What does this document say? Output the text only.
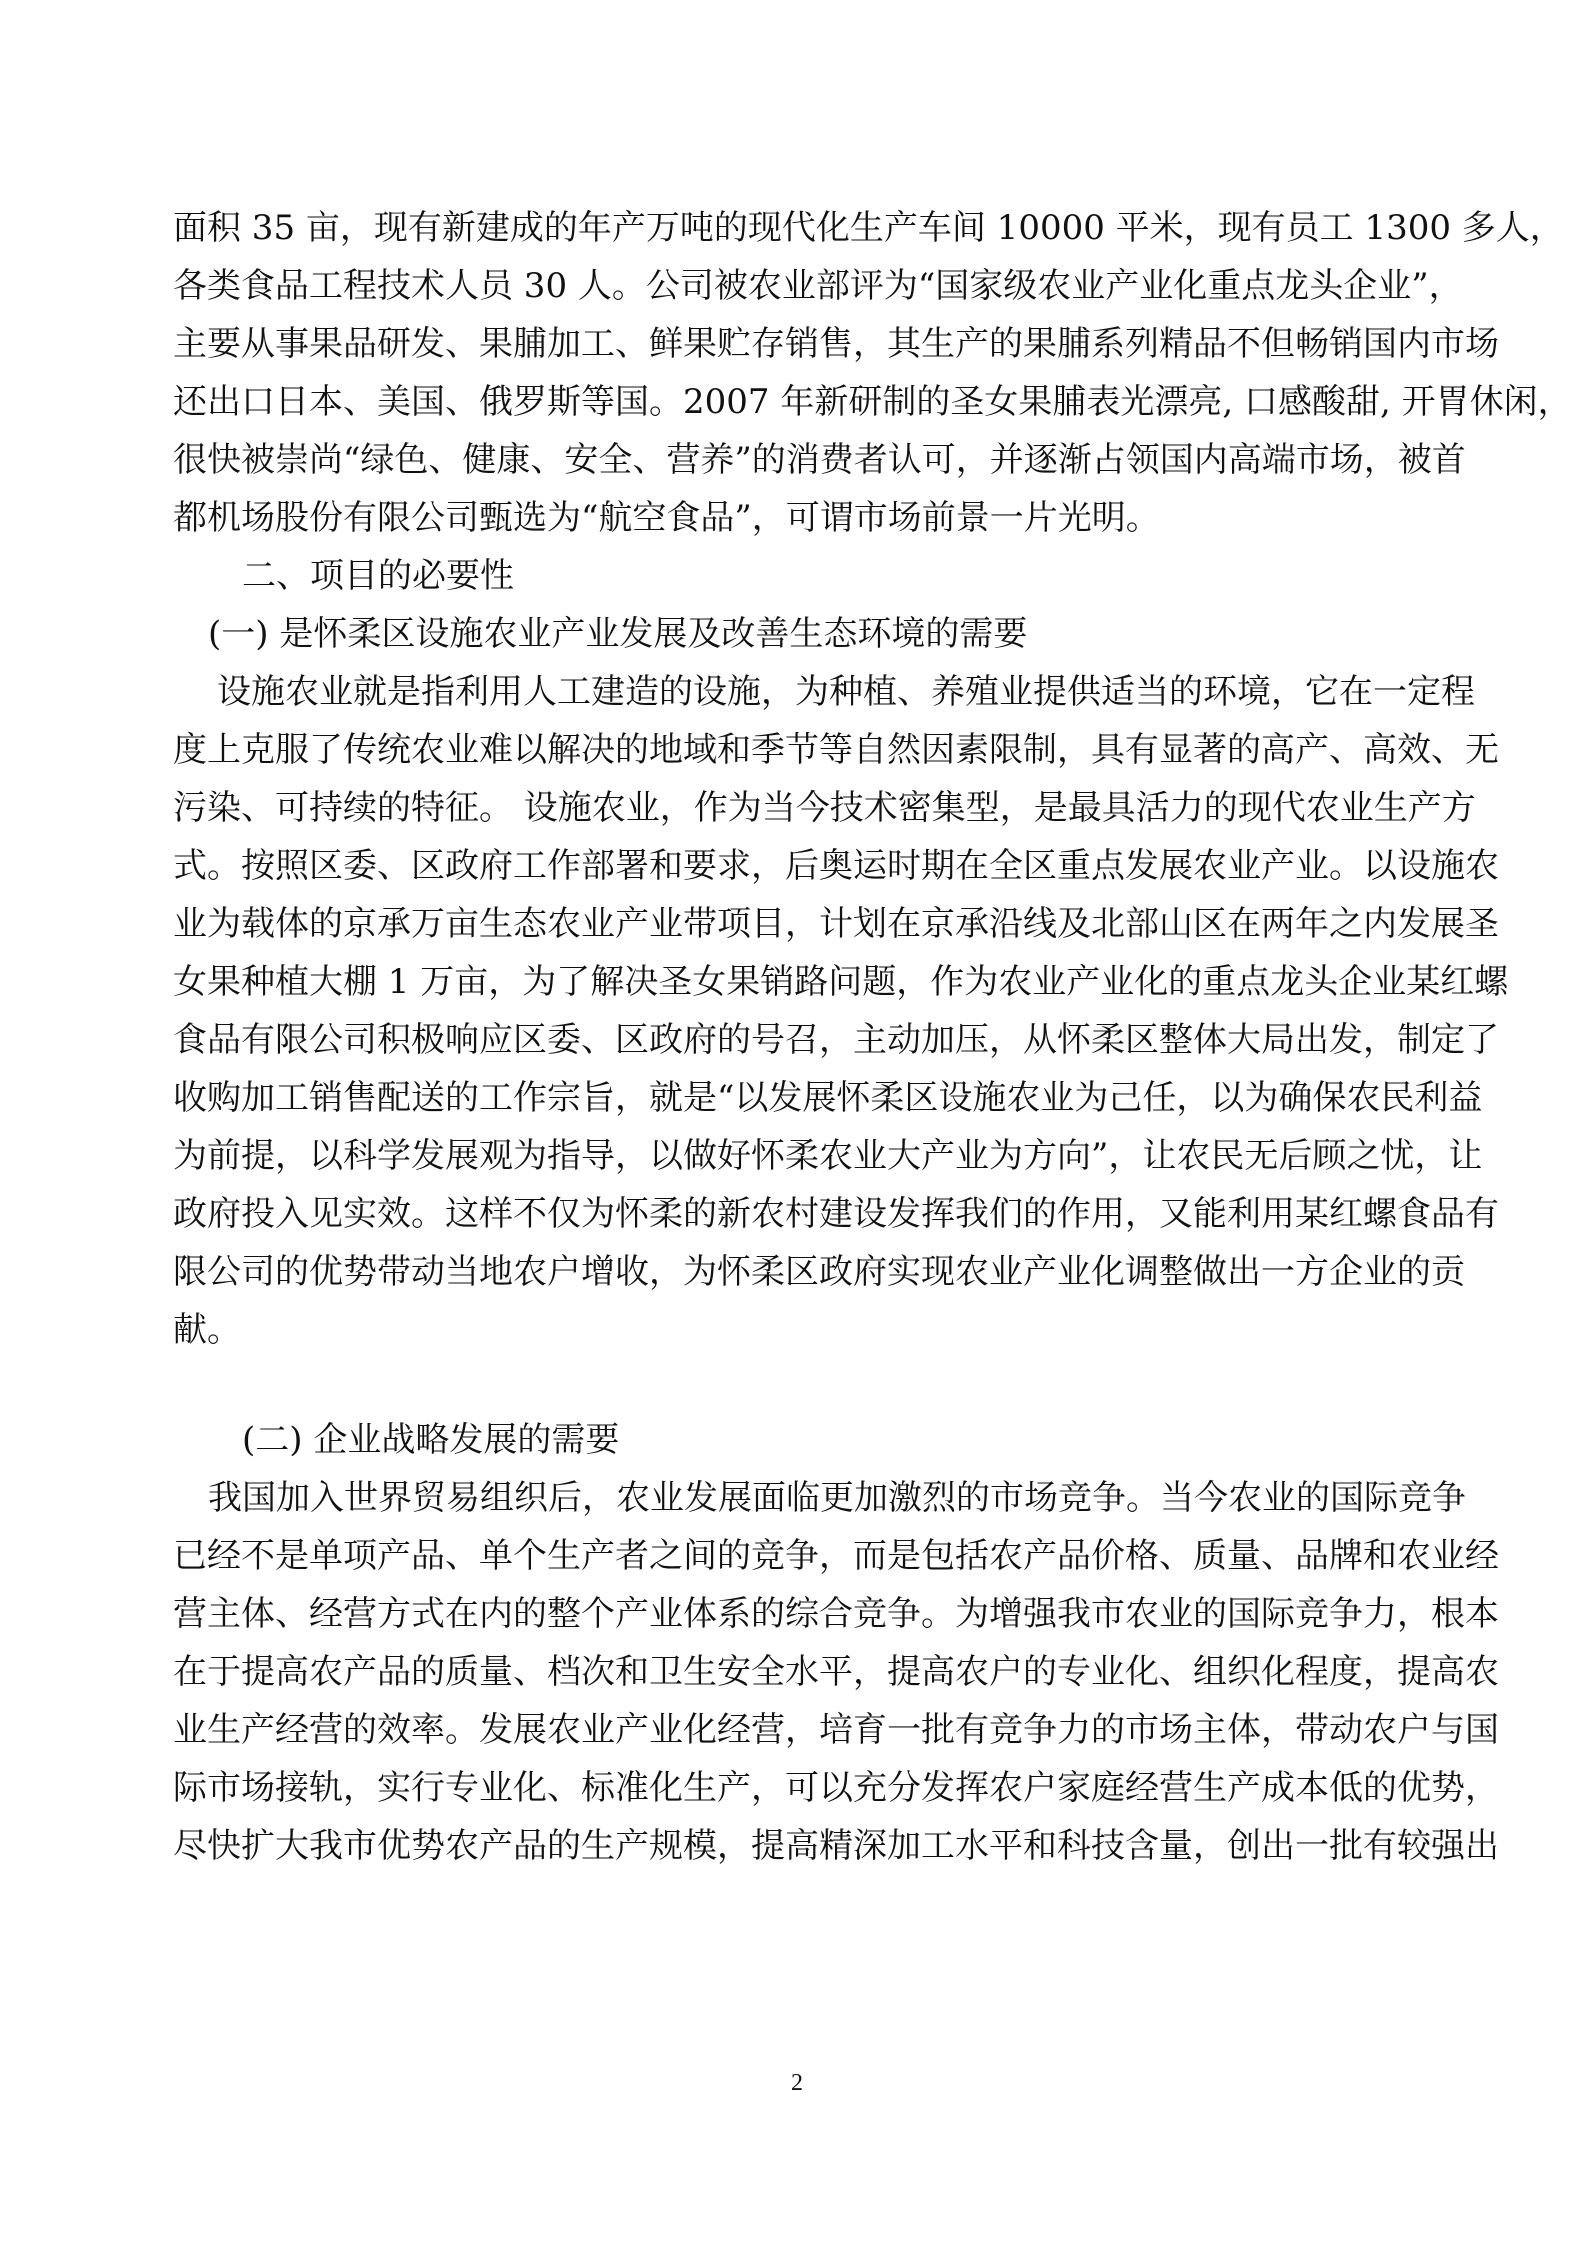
面积 35 亩，现有新建成的年产万吨的现代化生产车间 10000 平米，现有员工 1300 多人，
各类食品工程技术人员 30 人。公司被农业部评为“国家级农业产业化重点龙头企业”，
主要从事果品研发、果脯加工、鲜果贮存销售，其生产的果脯系列精品不但畅销国内市场
还出口日本、美国、俄罗斯等国。2007 年新研制的圣女果脯表光漂亮, 口感酸甜, 开胃休闲，
很快被崇尚“绿色、健康、安全、营养”的消费者认可，并逐渐占领国内高端市场，被首
都机场股份有限公司甄选为“航空食品”，可谓市场前景一片光明。
二、项目的必要性
(一) 是怀柔区设施农业产业发展及改善生态环境的需要
设施农业就是指利用人工建造的设施，为种植、养殖业提供适当的环境，它在一定程
度上克服了传统农业难以解决的地域和季节等自然因素限制，具有显著的高产、高效、无
污染、可持续的特征。 设施农业，作为当今技术密集型，是最具活力的现代农业生产方
式。按照区委、区政府工作部署和要求，后奥运时期在全区重点发展农业产业。以设施农
业为载体的京承万亩生态农业产业带项目，计划在京承沿线及北部山区在两年之内发展圣
女果种植大棚 1 万亩，为了解决圣女果销路问题，作为农业产业化的重点龙头企业某红螺
食品有限公司积极响应区委、区政府的号召，主动加压，从怀柔区整体大局出发，制定了
收购加工销售配送的工作宗旨，就是“以发展怀柔区设施农业为己任，以为确保农民利益
为前提，以科学发展观为指导，以做好怀柔农业大产业为方向”，让农民无后顾之忧，让
政府投入见实效。这样不仅为怀柔的新农村建设发挥我们的作用，又能利用某红螺食品有
限公司的优势带动当地农户增收，为怀柔区政府实现农业产业化调整做出一方企业的贡
献。
(二) 企业战略发展的需要
我国加入世界贸易组织后，农业发展面临更加激烈的市场竞争。当今农业的国际竞争
已经不是单项产品、单个生产者之间的竞争，而是包括农产品价格、质量、品牌和农业经
营主体、经营方式在内的整个产业体系的综合竞争。为增强我市农业的国际竞争力，根本
在于提高农产品的质量、档次和卫生安全水平，提高农户的专业化、组织化程度，提高农
业生产经营的效率。发展农业产业化经营，培育一批有竞争力的市场主体，带动农户与国
际市场接轨，实行专业化、标准化生产，可以充分发挥农户家庭经营生产成本低的优势，
尽快扩大我市优势农产品的生产规模，提高精深加工水平和科技含量，创出一批有较强出
2
